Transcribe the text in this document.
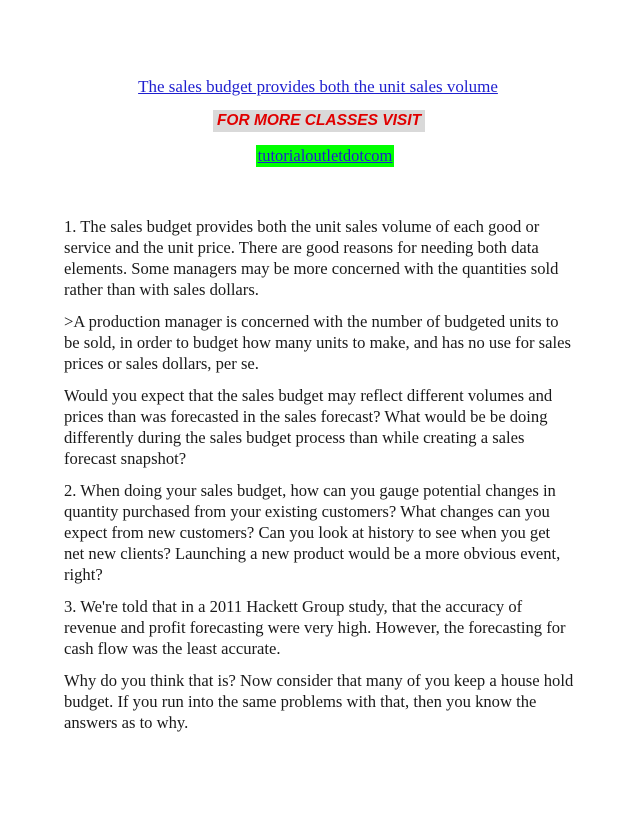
The sales budget provides both the unit sales volume
FOR MORE CLASSES VISIT
tutorialoutletdotcom

1. The sales budget provides both the unit sales volume of each good or service and the unit price. There are good reasons for needing both data elements. Some managers may be more concerned with the quantities sold rather than with sales dollars.

>A production manager is concerned with the number of budgeted units to be sold, in order to budget how many units to make, and has no use for sales prices or sales dollars, per se.

Would you expect that the sales budget may reflect different volumes and prices than was forecasted in the sales forecast? What would be be doing differently during the sales budget process than while creating a sales forecast snapshot?

2. When doing your sales budget, how can you gauge potential changes in quantity purchased from your existing customers? What changes can you expect from new customers? Can you look at history to see when you get net new clients? Launching a new product would be a more obvious event, right?

3. We're told that in a 2011 Hackett Group study, that the accuracy of revenue and profit forecasting were very high. However, the forecasting for cash flow was the least accurate.

Why do you think that is? Now consider that many of you keep a house hold budget. If you run into the same problems with that, then you know the answers as to why.
